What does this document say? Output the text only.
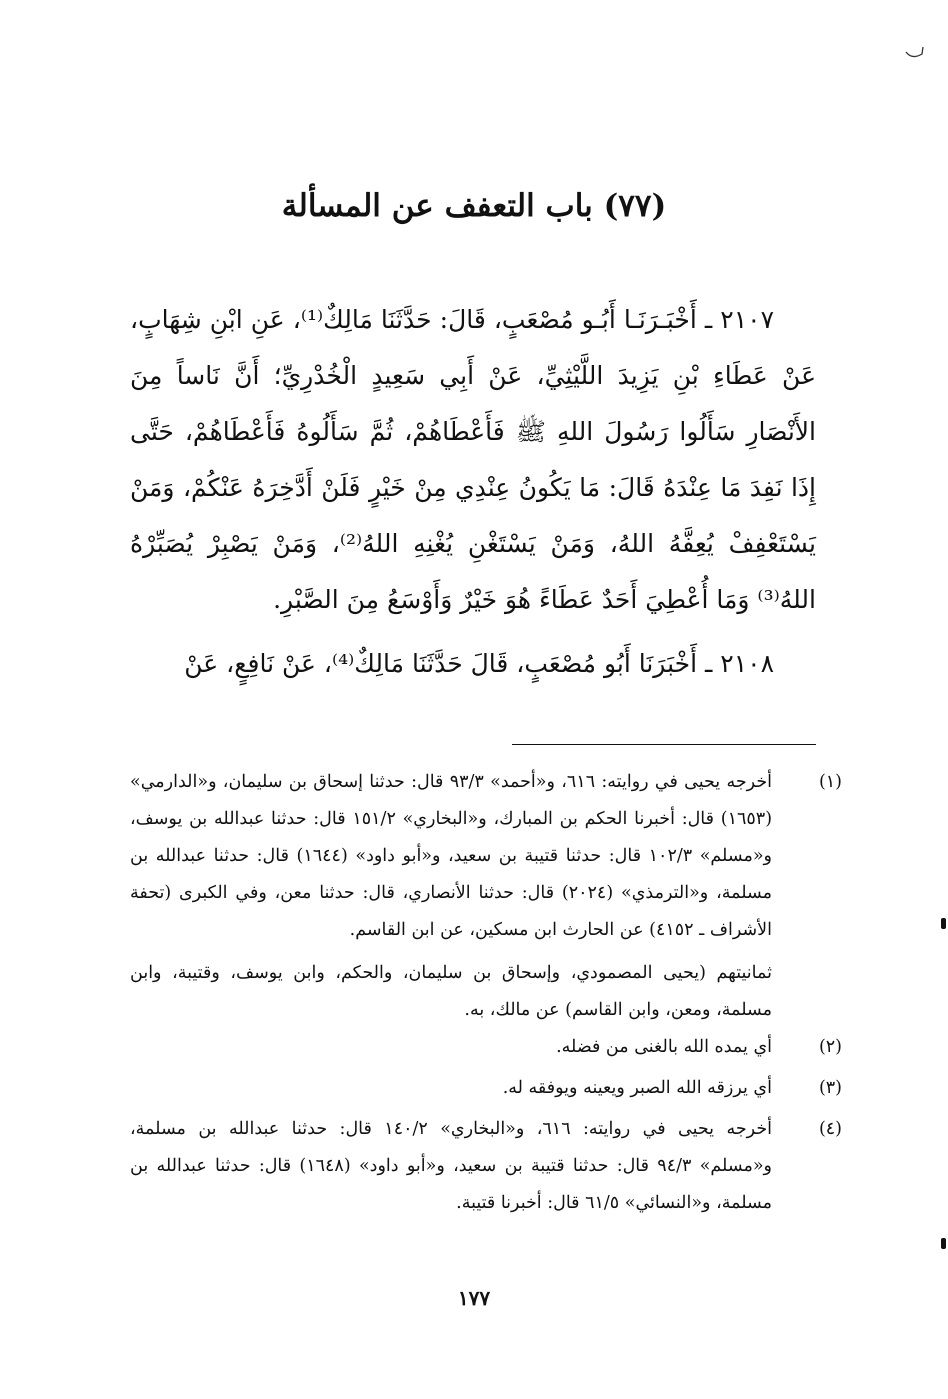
(٧٧) باب التعفف عن المسألة

٢١٠٧ ـ أَخْبَـرَنَـا أَبُـو مُصْعَبٍ، قَالَ: حَدَّثَنَا مَالِكٌ⁽¹⁾، عَنِ ابْنِ شِهَابٍ، عَنْ عَطَاءِ بْنِ يَزِيدَ اللَّيْثِيِّ، عَنْ أَبِي سَعِيدٍ الْخُدْرِيِّ؛ أَنَّ نَاساً مِنَ الأَنْصَارِ سَأَلُوا رَسُولَ اللهِ ﷺ فَأَعْطَاهُمْ، ثُمَّ سَأَلُوهُ فَأَعْطَاهُمْ، حَتَّى إِذَا نَفِدَ مَا عِنْدَهُ قَالَ: مَا يَكُونُ عِنْدِي مِنْ خَيْرٍ فَلَنْ أَدَّخِرَهُ عَنْكُمْ، وَمَنْ يَسْتَعْفِفْ يُعِفَّهُ اللهُ، وَمَنْ يَسْتَغْنِ يُغْنِهِ اللهُ⁽²⁾، وَمَنْ يَصْبِرْ يُصَبِّرْهُ اللهُ⁽³⁾ وَمَا أُعْطِيَ أَحَدٌ عَطَاءً هُوَ خَيْرٌ وَأَوْسَعُ مِنَ الصَّبْرِ.

٢١٠٨ ـ أَخْبَرَنَا أَبُو مُصْعَبٍ، قَالَ حَدَّثَنَا مَالِكٌ⁽⁴⁾، عَنْ نَافِعٍ، عَنْ

(١)
أخرجه يحيى في روايته: ٦١٦، و«أحمد» ٩٣/٣ قال: حدثنا إسحاق بن سليمان، و«الدارمي» (١٦٥٣) قال: أخبرنا الحكم بن المبارك، و«البخاري» ١٥١/٢ قال: حدثنا عبدالله بن يوسف، و«مسلم» ١٠٢/٣ قال: حدثنا قتيبة بن سعيد، و«أبو داود» (١٦٤٤) قال: حدثنا عبدالله بن مسلمة، و«الترمذي» (٢٠٢٤) قال: حدثنا الأنصاري، قال: حدثنا معن، وفي الكبرى (تحفة الأشراف ـ ٤١٥٢) عن الحارث ابن مسكين، عن ابن القاسم.
ثمانيتهم (يحيى المصمودي، وإسحاق بن سليمان، والحكم، وابن يوسف، وقتيبة، وابن مسلمة، ومعن، وابن القاسم) عن مالك، به.
(٢)
أي يمده الله بالغنى من فضله.
(٣)
أي يرزقه الله الصبر ويعينه ويوفقه له.
(٤)
أخرجه يحيى في روايته: ٦١٦، و«البخاري» ١٤٠/٢ قال: حدثنا عبدالله بن مسلمة، و«مسلم» ٩٤/٣ قال: حدثنا قتيبة بن سعيد، و«أبو داود» (١٦٤٨) قال: حدثنا عبدالله بن مسلمة، و«النسائي» ٦١/٥ قال: أخبرنا قتيبة.
١٧٧
